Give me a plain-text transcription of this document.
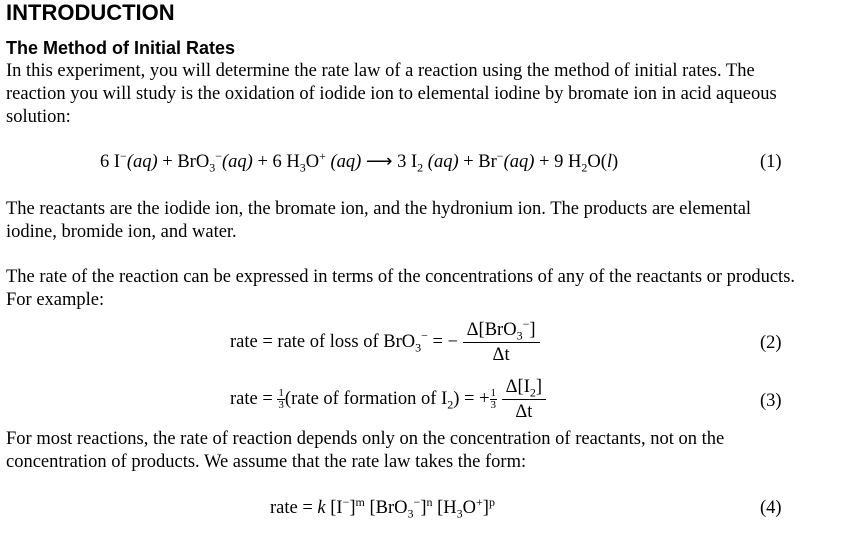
INTRODUCTION
The Method of Initial Rates
In this experiment, you will determine the rate law of a reaction using the method of initial rates. The reaction you will study is the oxidation of iodide ion to elemental iodine by bromate ion in acid aqueous solution:
6 I−(aq) + BrO$_3$−(aq) + 6 $H_3O^+$ (aq) ⟶ 3 $I_2$ (aq) + Br−(aq) + 9 $H_2O(l)$	(1)
The reactants are the iodide ion, the bromate ion, and the hydronium ion. The products are elemental iodine, bromide ion, and water.
The rate of the reaction can be expressed in terms of the concentrations of any of the reactants or products. For example:
rate = rate of loss of BrO$_3$− = − $\frac{\Delta[BrO_3^-]}{\Delta t}$	(2)
rate = $\frac{1}{3}$ (rate of formation of $I_2$) = + $\frac{1}{3}$
$\frac{\Delta[I_2]}{\Delta t}$	(3)
For most reactions, the rate of reaction depends only on the concentration of reactants, not on the concentration of products. We assume that the rate law takes the form:
rate = k $[I^-]^m$ $[BrO_3^-]^n$ $[H_3O^+]^p$	(4)
